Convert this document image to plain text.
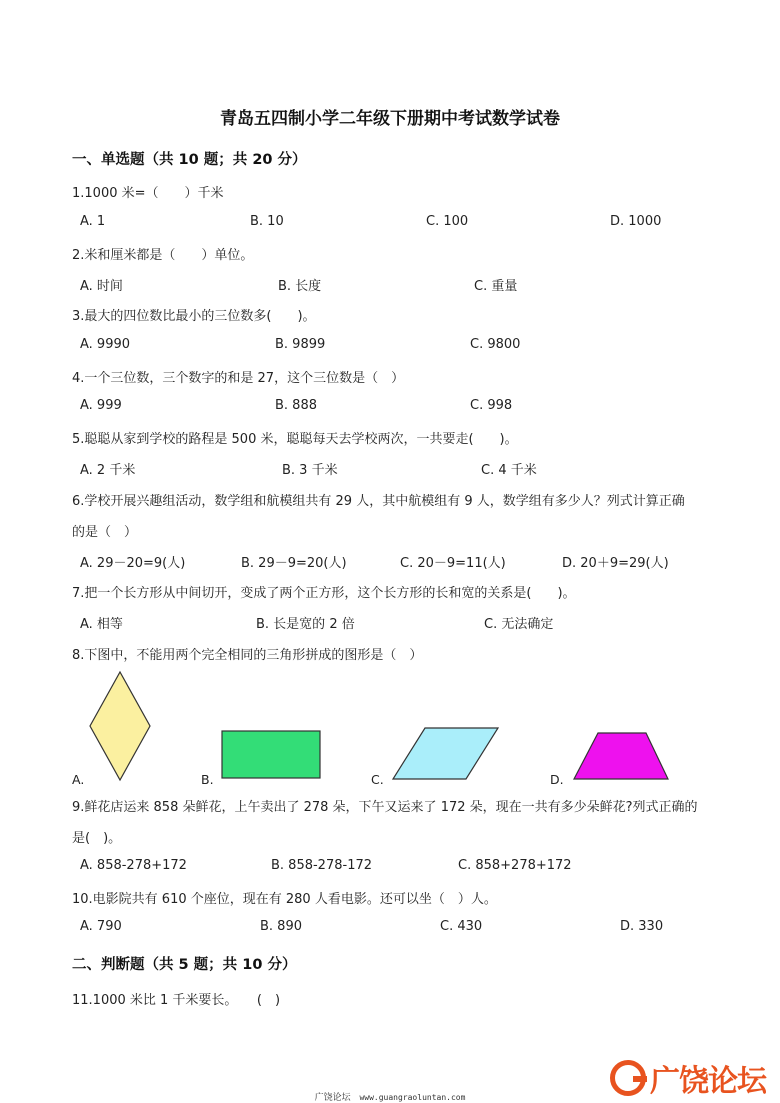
青岛五四制小学二年级下册期中考试数学试卷
一、单选题（共 10 题；共 20 分）
1.1000 米=（　　）千米
A. 1	B. 10	C. 100	D. 1000
2.米和厘米都是（　　）单位。
A. 时间	B. 长度	C. 重量
3.最大的四位数比最小的三位数多(　　)。
A. 9990	B. 9899	C. 9800
4.一个三位数，三个数字的和是 27，这个三位数是（　）
A. 999	B. 888	C. 998
5.聪聪从家到学校的路程是 500 米，聪聪每天去学校两次，一共要走(　　)。
A. 2 千米	B. 3 千米	C. 4 千米
6.学校开展兴趣组活动，数学组和航模组共有 29 人，其中航模组有 9 人，数学组有多少人？列式计算正确
的是（　）
A. 29－20=9(人)	B. 29－9=20(人)	C. 20－9=11(人)	D. 20＋9=29(人)
7.把一个长方形从中间切开，变成了两个正方形，这个长方形的长和宽的关系是(　　)。
A. 相等	B. 长是宽的 2 倍	C. 无法确定
8.下图中，不能用两个完全相同的三角形拼成的图形是（　）
A.	B.	C.	D.
9.鲜花店运来 858 朵鲜花，上午卖出了 278 朵，下午又运来了 172 朵，现在一共有多少朵鲜花?列式正确的
是(　)。
A. 858-278+172	B. 858-278-172	C. 858+278+172
10.电影院共有 610 个座位，现在有 280 人看电影。还可以坐（　）人。
A. 790	B. 890	C. 430	D. 330
二、判断题（共 5 题；共 10 分）
11.1000 米比 1 千米要长。　　(　)
广饶论坛 www.guangraoluntan.com	广饶论坛
